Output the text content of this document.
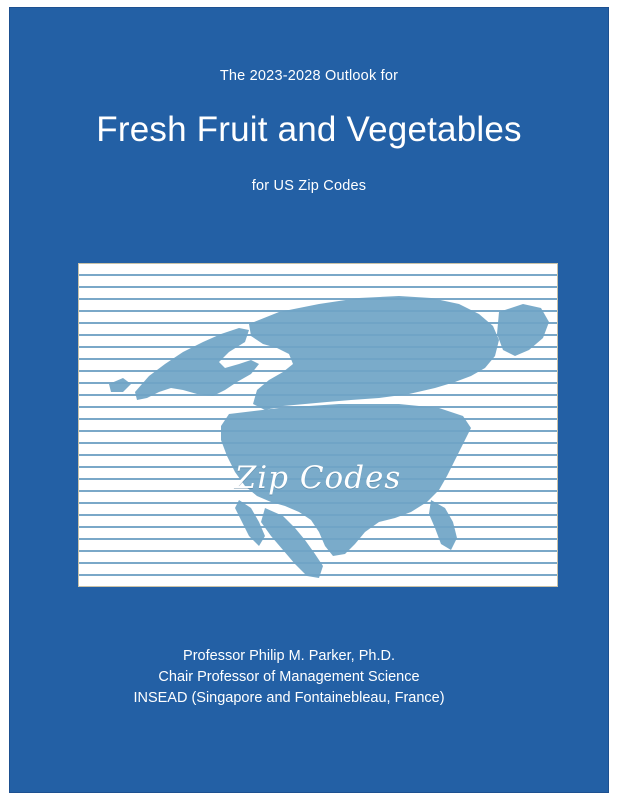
The 2023-2028 Outlook for
Fresh Fruit and Vegetables
for US Zip Codes
Zip Codes
Professor Philip M. Parker, Ph.D.
Chair Professor of Management Science
INSEAD (Singapore and Fontainebleau, France)
